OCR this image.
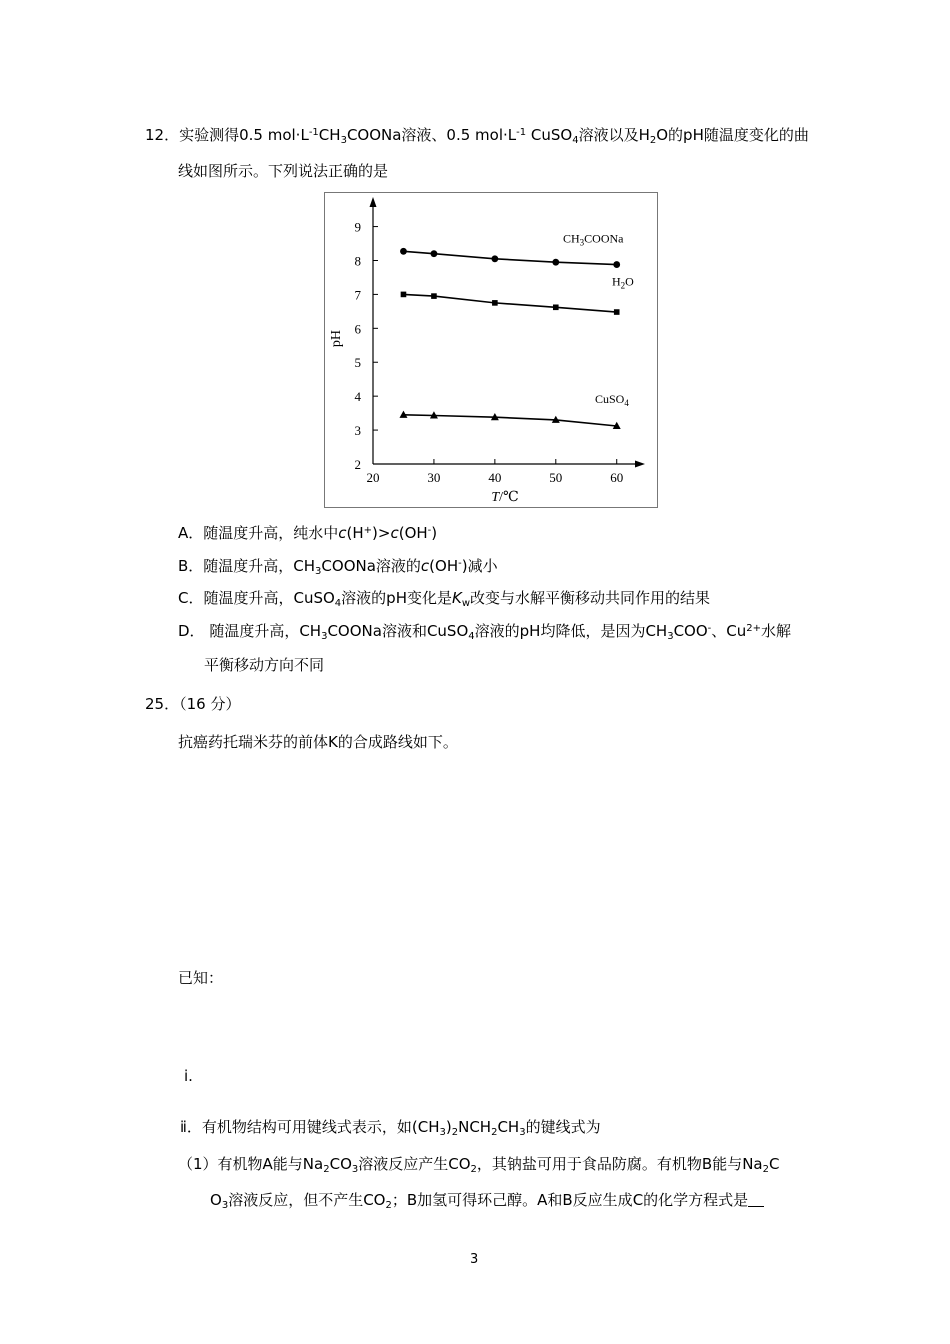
12．实验测得0.5 $mol\cdot L^{-1}CH_3COONa$溶液、0.5 $mol\cdot L^{-1}$ CuSO$_4$溶液以及$H_2O$的pH随温度变化的曲
线如图所示。下列说法正确的是
20	30	40	50	60
2
3
4
5
6
7
8
9
pH
T/℃
$CH_3COONa$
$H_2O$
CuSO$_4$
A．随温度升高，纯水中c(H+)>c(OH-)
B．随温度升高，$CH_3COONa$溶液的c(OH-)减小
C．随温度升高，CuSO$_4$溶液的pH变化是$K_w$改变与水解平衡移动共同作用的结果
D． 随温度升高，$CH_3COONa$溶液和CuSO$_4$溶液的pH均降低，是因为$CH_3COO^-$、$Cu^{2+}$水解
平衡移动方向不同
25．（16 分）
抗癌药托瑞米芬的前体K的合成路线如下。
已知：
ⅰ.
ⅱ．有机物结构可用键线式表示，如$(CH_3)_2NCH_2CH_3$的键线式为
（1）有机物A能与$Na_2CO_3$溶液反应产生$CO_2$，其钠盐可用于食品防腐。有机物B能与$Na_2C$
$O_3$溶液反应，但不产生$CO_2$；B加氢可得环己醇。A和B反应生成C的化学方程式是
3
